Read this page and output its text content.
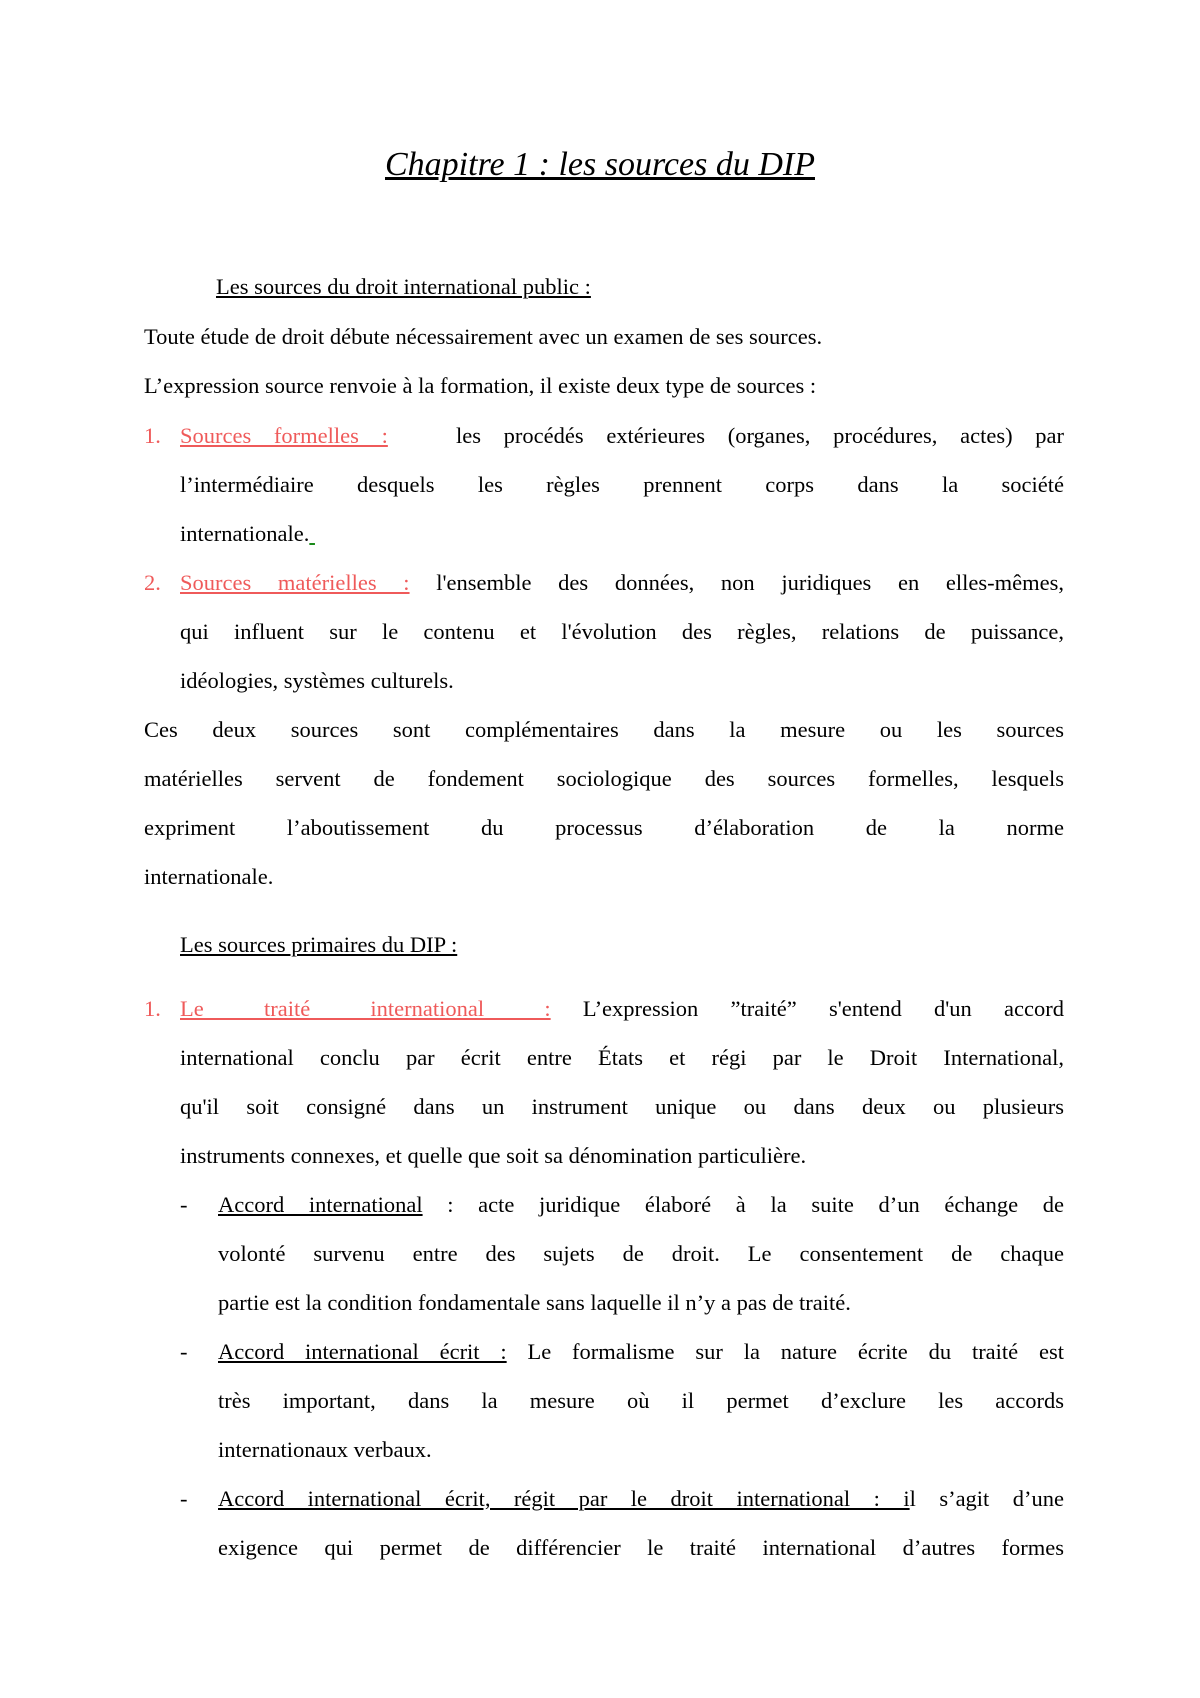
Chapitre 1 : les sources du DIP
Les sources du droit international public :
Toute étude de droit débute nécessairement avec un examen de ses sources.
L’expression source renvoie à la formation, il existe deux type de sources :
1. Sources formelles :	les procédés extérieures (organes, procédures, actes) par
l’intermédiaire desquels les règles prennent corps dans la société
internationale.
2. Sources matérielles : l'ensemble des données, non juridiques en elles-mêmes,
qui influent sur le contenu et l'évolution des règles, relations de puissance,
idéologies, systèmes culturels.
Ces deux sources sont complémentaires dans la mesure ou les sources
matérielles servent de fondement sociologique des sources formelles, lesquels
expriment l’aboutissement du processus d’élaboration de la norme
internationale.
Les sources primaires du DIP :
1. Le traité international : L’expression ”traité” s'entend d'un accord
international conclu par écrit entre États et régi par le Droit International,
qu'il soit consigné dans un instrument unique ou dans deux ou plusieurs
instruments connexes, et quelle que soit sa dénomination particulière.
- Accord international : acte juridique élaboré à la suite d’un échange de
volonté survenu entre des sujets de droit. Le consentement de chaque
partie est la condition fondamentale sans laquelle il n’y a pas de traité.
- Accord international écrit : Le formalisme sur la nature écrite du traité est
très important, dans la mesure où il permet d’exclure les accords
internationaux verbaux.
- Accord international écrit, régit par le droit international : il s’agit d’une
exigence qui permet de différencier le traité international d’autres formes
